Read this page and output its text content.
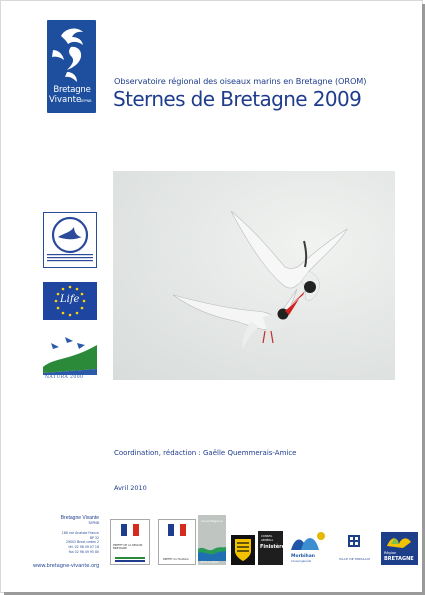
Bretagne
Vivante
SEPNB
Observatoire régional des oiseaux marins en Bretagne (OROM)
Sternes de Bretagne 2009
Life
NATURA 2000
Coordination, rédaction : Gaëlle Quemmerais-Amice
Avril 2010
Bretagne Vivante
SEPNB
186 rue Anatole France
BP 32
29002 Brest cedex 2
tél. 02 98 49 07 18
fax 02 98 49 95 80
www.bretagne-vivante.org
PRÉFET DE LA RÉGION BRETAGNE
PRÉFET du Finistère
Conseil Régional
CÔTES D'ARMOR
CONSEIL
GÉNÉRAL
Finistère
Morbihan
Conseil général
VILLE DE MORLAIX
Région
BRETAGNE
